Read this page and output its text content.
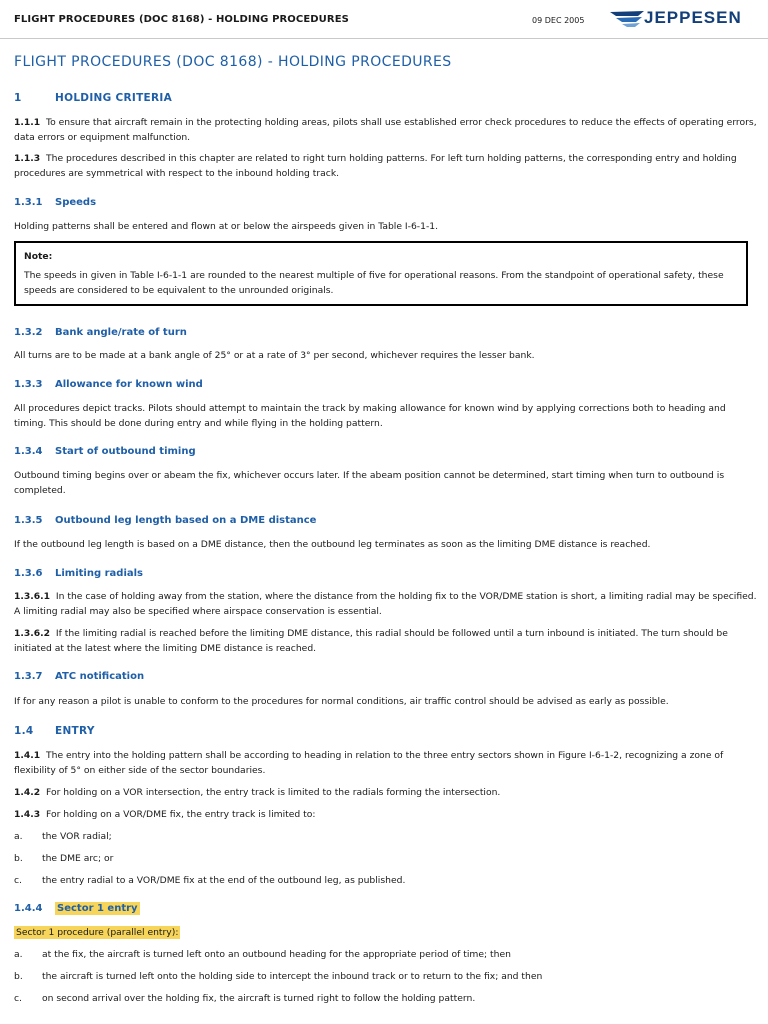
FLIGHT PROCEDURES (DOC 8168) - HOLDING PROCEDURES	09 DEC 2005	JEPPESEN
FLIGHT PROCEDURES (DOC 8168) - HOLDING PROCEDURES
1	HOLDING CRITERIA
1.1.1 To ensure that aircraft remain in the protecting holding areas, pilots shall use established error check procedures to reduce the effects of operating errors, data errors or equipment malfunction.
1.1.3 The procedures described in this chapter are related to right turn holding patterns. For left turn holding patterns, the corresponding entry and holding procedures are symmetrical with respect to the inbound holding track.
1.3.1 Speeds
Holding patterns shall be entered and flown at or below the airspeeds given in Table I-6-1-1.
Note:
The speeds in given in Table I-6-1-1 are rounded to the nearest multiple of five for operational reasons. From the standpoint of operational safety, these speeds are considered to be equivalent to the unrounded originals.
1.3.2 Bank angle/rate of turn
All turns are to be made at a bank angle of 25° or at a rate of 3° per second, whichever requires the lesser bank.
1.3.3 Allowance for known wind
All procedures depict tracks. Pilots should attempt to maintain the track by making allowance for known wind by applying corrections both to heading and timing. This should be done during entry and while flying in the holding pattern.
1.3.4 Start of outbound timing
Outbound timing begins over or abeam the fix, whichever occurs later. If the abeam position cannot be determined, start timing when turn to outbound is completed.
1.3.5 Outbound leg length based on a DME distance
If the outbound leg length is based on a DME distance, then the outbound leg terminates as soon as the limiting DME distance is reached.
1.3.6 Limiting radials
1.3.6.1 In the case of holding away from the station, where the distance from the holding fix to the VOR/DME station is short, a limiting radial may be specified. A limiting radial may also be specified where airspace conservation is essential.
1.3.6.2 If the limiting radial is reached before the limiting DME distance, this radial should be followed until a turn inbound is initiated. The turn should be initiated at the latest where the limiting DME distance is reached.
1.3.7 ATC notification
If for any reason a pilot is unable to conform to the procedures for normal conditions, air traffic control should be advised as early as possible.
1.4 ENTRY
1.4.1 The entry into the holding pattern shall be according to heading in relation to the three entry sectors shown in Figure I-6-1-2, recognizing a zone of flexibility of 5° on either side of the sector boundaries.
1.4.2 For holding on a VOR intersection, the entry track is limited to the radials forming the intersection.
1.4.3 For holding on a VOR/DME fix, the entry track is limited to:
a. the VOR radial;
b. the DME arc; or
c. the entry radial to a VOR/DME fix at the end of the outbound leg, as published.
1.4.4 Sector 1 entry
Sector 1 procedure (parallel entry):
a. at the fix, the aircraft is turned left onto an outbound heading for the appropriate period of time; then
b. the aircraft is turned left onto the holding side to intercept the inbound track or to return to the fix; and then
c. on second arrival over the holding fix, the aircraft is turned right to follow the holding pattern.
